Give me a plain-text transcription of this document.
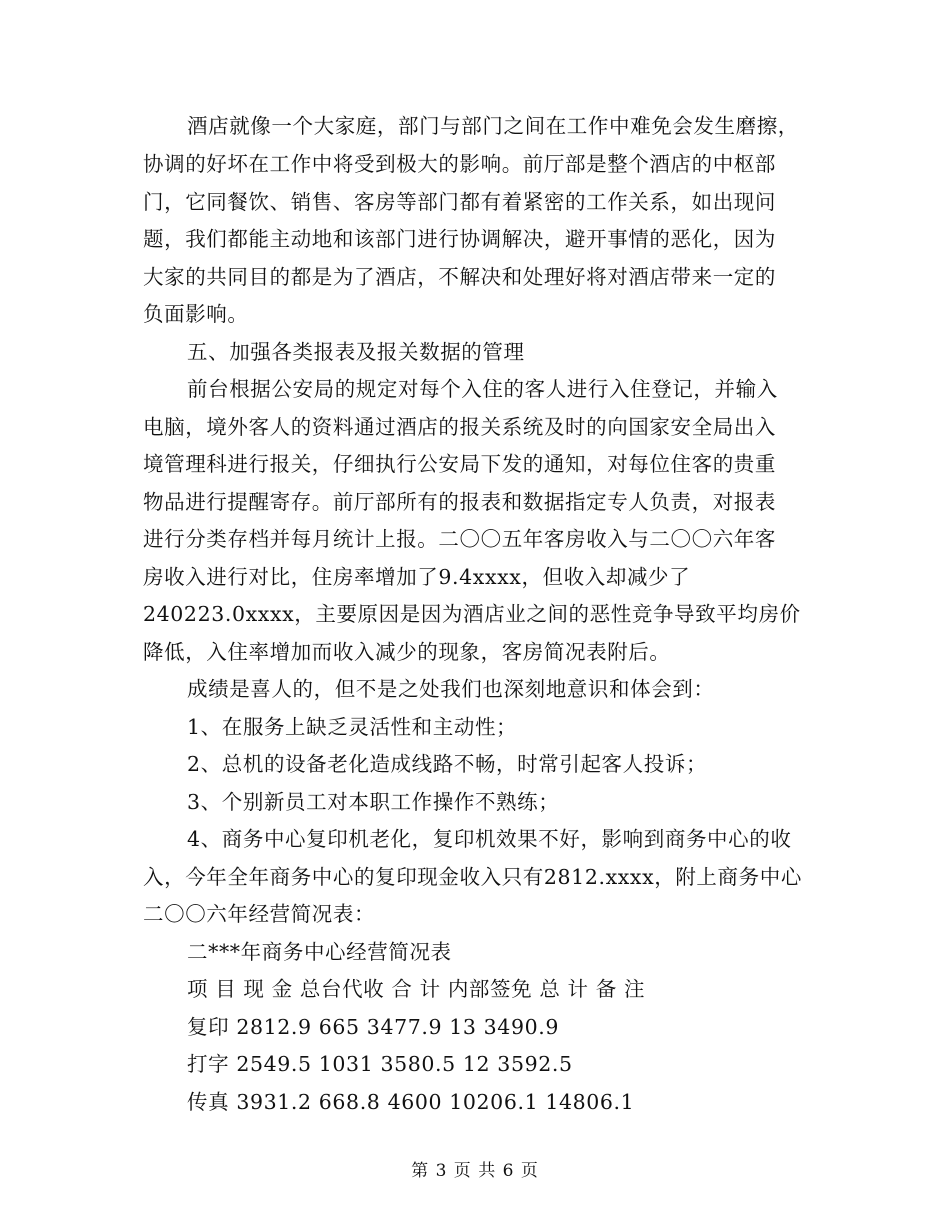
酒店就像一个大家庭，部门与部门之间在工作中难免会发生磨擦，
协调的好坏在工作中将受到极大的影响。前厅部是整个酒店的中枢部
门，它同餐饮、销售、客房等部门都有着紧密的工作关系，如出现问
题，我们都能主动地和该部门进行协调解决，避开事情的恶化，因为
大家的共同目的都是为了酒店，不解决和处理好将对酒店带来一定的
负面影响。
五、加强各类报表及报关数据的管理
前台根据公安局的规定对每个入住的客人进行入住登记，并输入
电脑，境外客人的资料通过酒店的报关系统及时的向国家安全局出入
境管理科进行报关，仔细执行公安局下发的通知，对每位住客的贵重
物品进行提醒寄存。前厅部所有的报表和数据指定专人负责，对报表
进行分类存档并每月统计上报。二〇〇五年客房收入与二〇〇六年客
房收入进行对比，住房率增加了9.4xxxx，但收入却减少了
240223.0xxxx，主要原因是因为酒店业之间的恶性竞争导致平均房价
降低，入住率增加而收入减少的现象，客房简况表附后。
成绩是喜人的，但不是之处我们也深刻地意识和体会到：
1、在服务上缺乏灵活性和主动性；
2、总机的设备老化造成线路不畅，时常引起客人投诉；
3、个别新员工对本职工作操作不熟练；
4、商务中心复印机老化，复印机效果不好，影响到商务中心的收
入，今年全年商务中心的复印现金收入只有2812.xxxx，附上商务中心
二〇〇六年经营简况表：
二***年商务中心经营简况表
项 目 现 金 总台代收 合 计 内部签免 总 计 备 注
复印 2812.9 665 3477.9 13 3490.9
打字 2549.5 1031 3580.5 12 3592.5
传真 3931.2 668.8 4600 10206.1 14806.1
第 3 页 共 6 页
